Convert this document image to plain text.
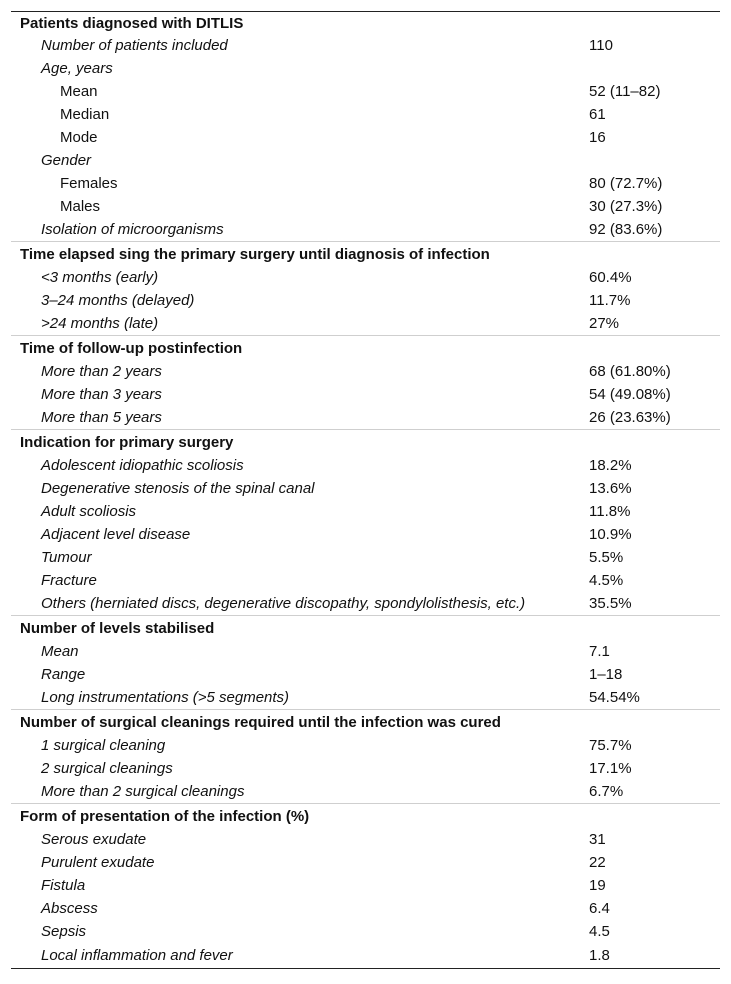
Patients diagnosed with DITLIS	
Number of patients included	110
Age, years	
Mean	52 (11–82)
Median	61
Mode	16
Gender	
Females	80 (72.7%)
Males	30 (27.3%)
Isolation of microorganisms	92 (83.6%)
Time elapsed sing the primary surgery until diagnosis of infection	
<3 months (early)	60.4%
3–24 months (delayed)	11.7%
>24 months (late)	27%
Time of follow-up postinfection	
More than 2 years	68 (61.80%)
More than 3 years	54 (49.08%)
More than 5 years	26 (23.63%)
Indication for primary surgery	
Adolescent idiopathic scoliosis	18.2%
Degenerative stenosis of the spinal canal	13.6%
Adult scoliosis	11.8%
Adjacent level disease	10.9%
Tumour	5.5%
Fracture	4.5%
Others (herniated discs, degenerative discopathy, spondylolisthesis, etc.)	35.5%
Number of levels stabilised	
Mean	7.1
Range	1–18
Long instrumentations (>5 segments)	54.54%
Number of surgical cleanings required until the infection was cured	
1 surgical cleaning	75.7%
2 surgical cleanings	17.1%
More than 2 surgical cleanings	6.7%
Form of presentation of the infection (%)	
Serous exudate	31
Purulent exudate	22
Fistula	19
Abscess	6.4
Sepsis	4.5
Local inflammation and fever	1.8
